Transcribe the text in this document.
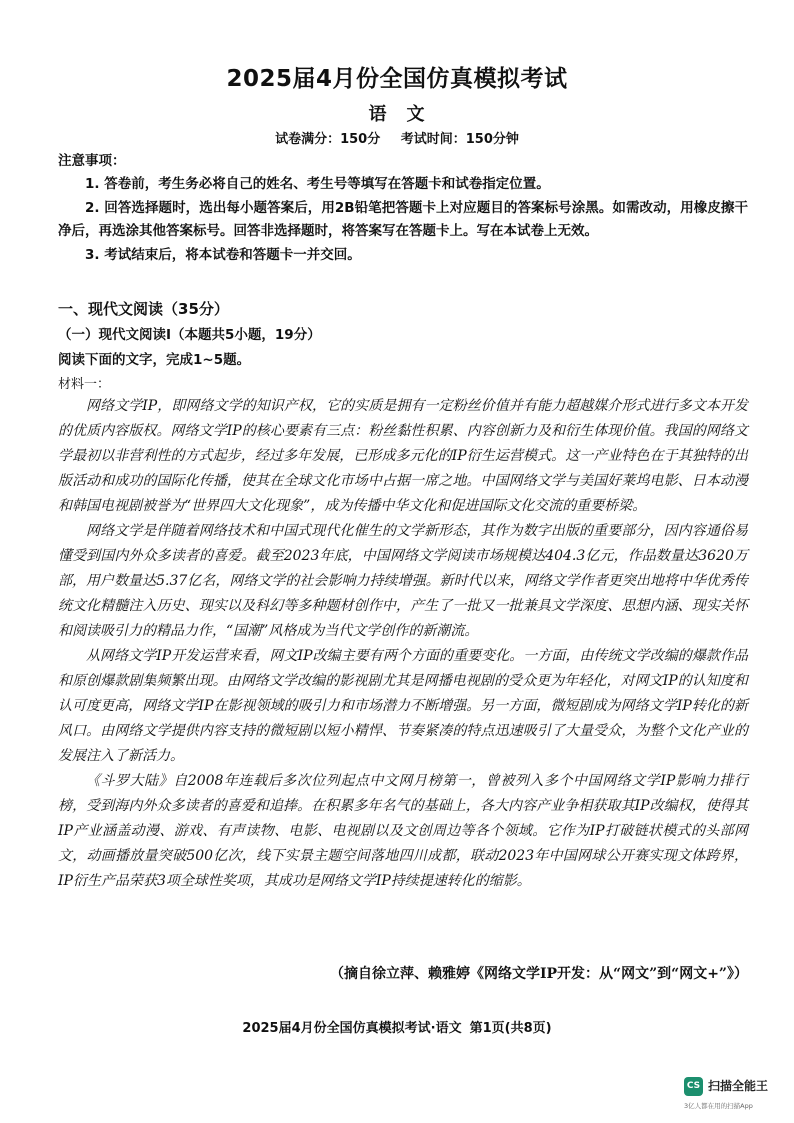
2025届4月份全国仿真模拟考试
语　文
试卷满分：150分 考试时间：150分钟
注意事项：

1. 答卷前，考生务必将自己的姓名、考生号等填写在答题卡和试卷指定位置。

2. 回答选择题时，选出每小题答案后，用2B铅笔把答题卡上对应题目的答案标号涂黑。如需改动，用橡皮擦干净后，再选涂其他答案标号。回答非选择题时，将答案写在答题卡上。写在本试卷上无效。

3. 考试结束后，将本试卷和答题卡一并交回。

一、现代文阅读（35分）
（一）现代文阅读Ⅰ（本题共5小题，19分）
阅读下面的文字，完成1~5题。
材料一：

网络文学IP，即网络文学的知识产权，它的实质是拥有一定粉丝价值并有能力超越媒介形式进行多文本开发的优质内容版权。网络文学IP的核心要素有三点：粉丝黏性积累、内容创新力及和衍生体现价值。我国的网络文学最初以非营利性的方式起步，经过多年发展，已形成多元化的IP衍生运营模式。这一产业特色在于其独特的出版活动和成功的国际化传播，使其在全球文化市场中占据一席之地。中国网络文学与美国好莱坞电影、日本动漫和韩国电视剧被誉为“世界四大文化现象”，成为传播中华文化和促进国际文化交流的重要桥梁。

网络文学是伴随着网络技术和中国式现代化催生的文学新形态，其作为数字出版的重要部分，因内容通俗易懂受到国内外众多读者的喜爱。截至2023年底，中国网络文学阅读市场规模达404.3亿元，作品数量达3620万部，用户数量达5.37亿名，网络文学的社会影响力持续增强。新时代以来，网络文学作者更突出地将中华优秀传统文化精髓注入历史、现实以及科幻等多种题材创作中，产生了一批又一批兼具文学深度、思想内涵、现实关怀和阅读吸引力的精品力作，“国潮”风格成为当代文学创作的新潮流。

从网络文学IP开发运营来看，网文IP改编主要有两个方面的重要变化。一方面，由传统文学改编的爆款作品和原创爆款剧集频繁出现。由网络文学改编的影视剧尤其是网播电视剧的受众更为年轻化，对网文IP的认知度和认可度更高，网络文学IP在影视领域的吸引力和市场潜力不断增强。另一方面，微短剧成为网络文学IP转化的新风口。由网络文学提供内容支持的微短剧以短小精悍、节奏紧凑的特点迅速吸引了大量受众，为整个文化产业的发展注入了新活力。

《斗罗大陆》自2008年连载后多次位列起点中文网月榜第一，曾被列入多个中国网络文学IP影响力排行榜，受到海内外众多读者的喜爱和追捧。在积累多年名气的基础上，各大内容产业争相获取其IP改编权，使得其IP产业涵盖动漫、游戏、有声读物、电影、电视剧以及文创周边等各个领域。它作为IP打破链状模式的头部网文，动画播放量突破500亿次，线下实景主题空间落地四川成都，联动2023年中国网球公开赛实现文体跨界，IP衍生产品荣获3项全球性奖项，其成功是网络文学IP持续提速转化的缩影。

（摘自徐立萍、赖雅婷《网络文学IP开发：从“网文”到“网文+”》）
2025届4月份全国仿真模拟考试·语文 第1页(共8页)
CS 扫描全能王
3亿人都在用的扫描App
